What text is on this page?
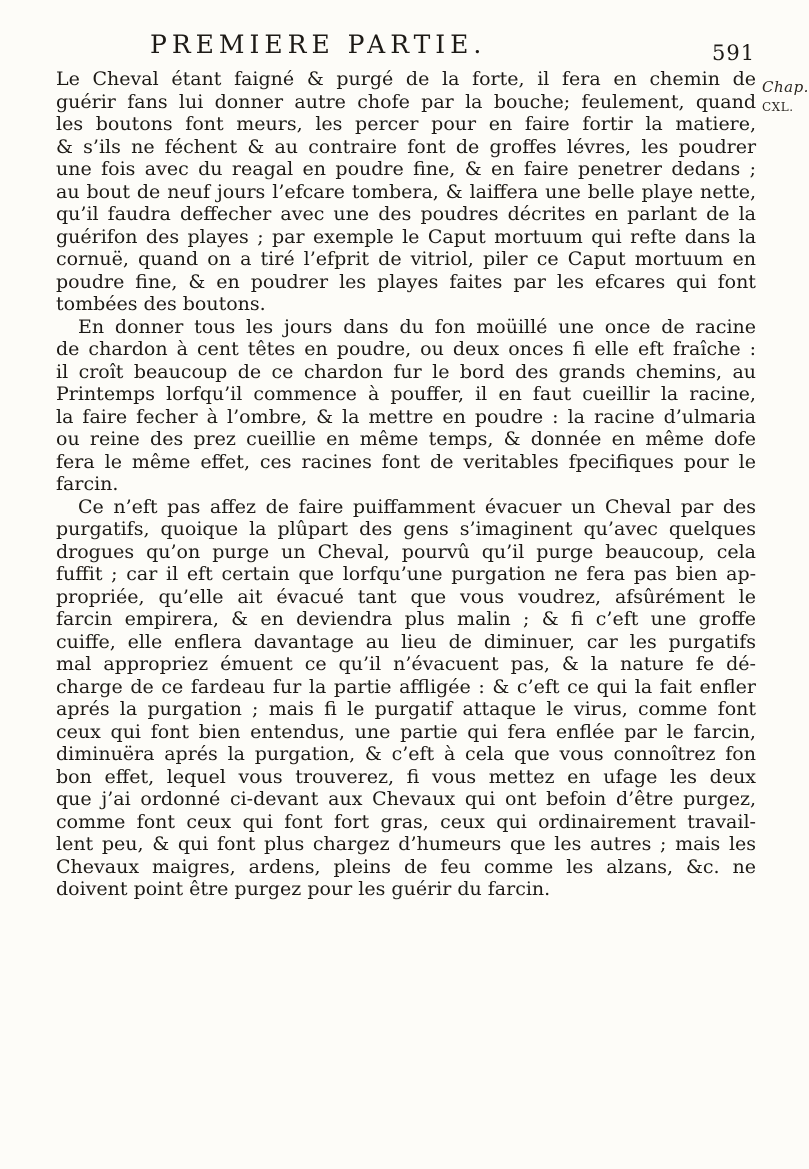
PREMIERE PARTIE.	591
Chap.
CXL.
Le Cheval étant faigné & purgé de la forte, il fera en chemin de
guérir fans lui donner autre chofe par la bouche; feulement, quand
les boutons font meurs, les percer pour en faire fortir la matiere,
& s’ils ne féchent & au contraire font de groffes lévres, les poudrer
une fois avec du reagal en poudre fine, & en faire penetrer dedans ;
au bout de neuf jours l’efcare tombera, & laiffera une belle playe nette,
qu’il faudra deffecher avec une des poudres décrites en parlant de la
guérifon des playes ; par exemple le Caput mortuum qui refte dans la
cornuë, quand on a tiré l’efprit de vitriol, piler ce Caput mortuum en
poudre fine, & en poudrer les playes faites par les efcares qui font
tombées des boutons.
En donner tous les jours dans du fon moüillé une once de racine
de chardon à cent têtes en poudre, ou deux onces fi elle eft fraîche :
il croît beaucoup de ce chardon fur le bord des grands chemins, au
Printemps lorfqu’il commence à pouffer, il en faut cueillir la racine,
la faire fecher à l’ombre, & la mettre en poudre : la racine d’ulmaria
ou reine des prez cueillie en même temps, & donnée en même dofe
fera le même effet, ces racines font de veritables fpecifiques pour le
farcin.
Ce n’eft pas affez de faire puiffamment évacuer un Cheval par des
purgatifs, quoique la plûpart des gens s’imaginent qu’avec quelques
drogues qu’on purge un Cheval, pourvû qu’il purge beaucoup, cela
fuffit ; car il eft certain que lorfqu’une purgation ne fera pas bien ap-
propriée, qu’elle ait évacué tant que vous voudrez, afsûrément le
farcin empirera, & en deviendra plus malin ; & fi c’eft une groffe
cuiffe, elle enflera davantage au lieu de diminuer, car les purgatifs
mal appropriez émuent ce qu’il n’évacuent pas, & la nature fe dé-
charge de ce fardeau fur la partie affligée : & c’eft ce qui la fait enfler
aprés la purgation ; mais fi le purgatif attaque le virus, comme font
ceux qui font bien entendus, une partie qui fera enflée par le farcin,
diminuëra aprés la purgation, & c’eft à cela que vous connoîtrez fon
bon effet, lequel vous trouverez, fi vous mettez en ufage les deux
que j’ai ordonné ci-devant aux Chevaux qui ont befoin d’être purgez,
comme font ceux qui font fort gras, ceux qui ordinairement travail-
lent peu, & qui font plus chargez d’humeurs que les autres ; mais les
Chevaux maigres, ardens, pleins de feu comme les alzans, &c. ne
doivent point être purgez pour les guérir du farcin.
